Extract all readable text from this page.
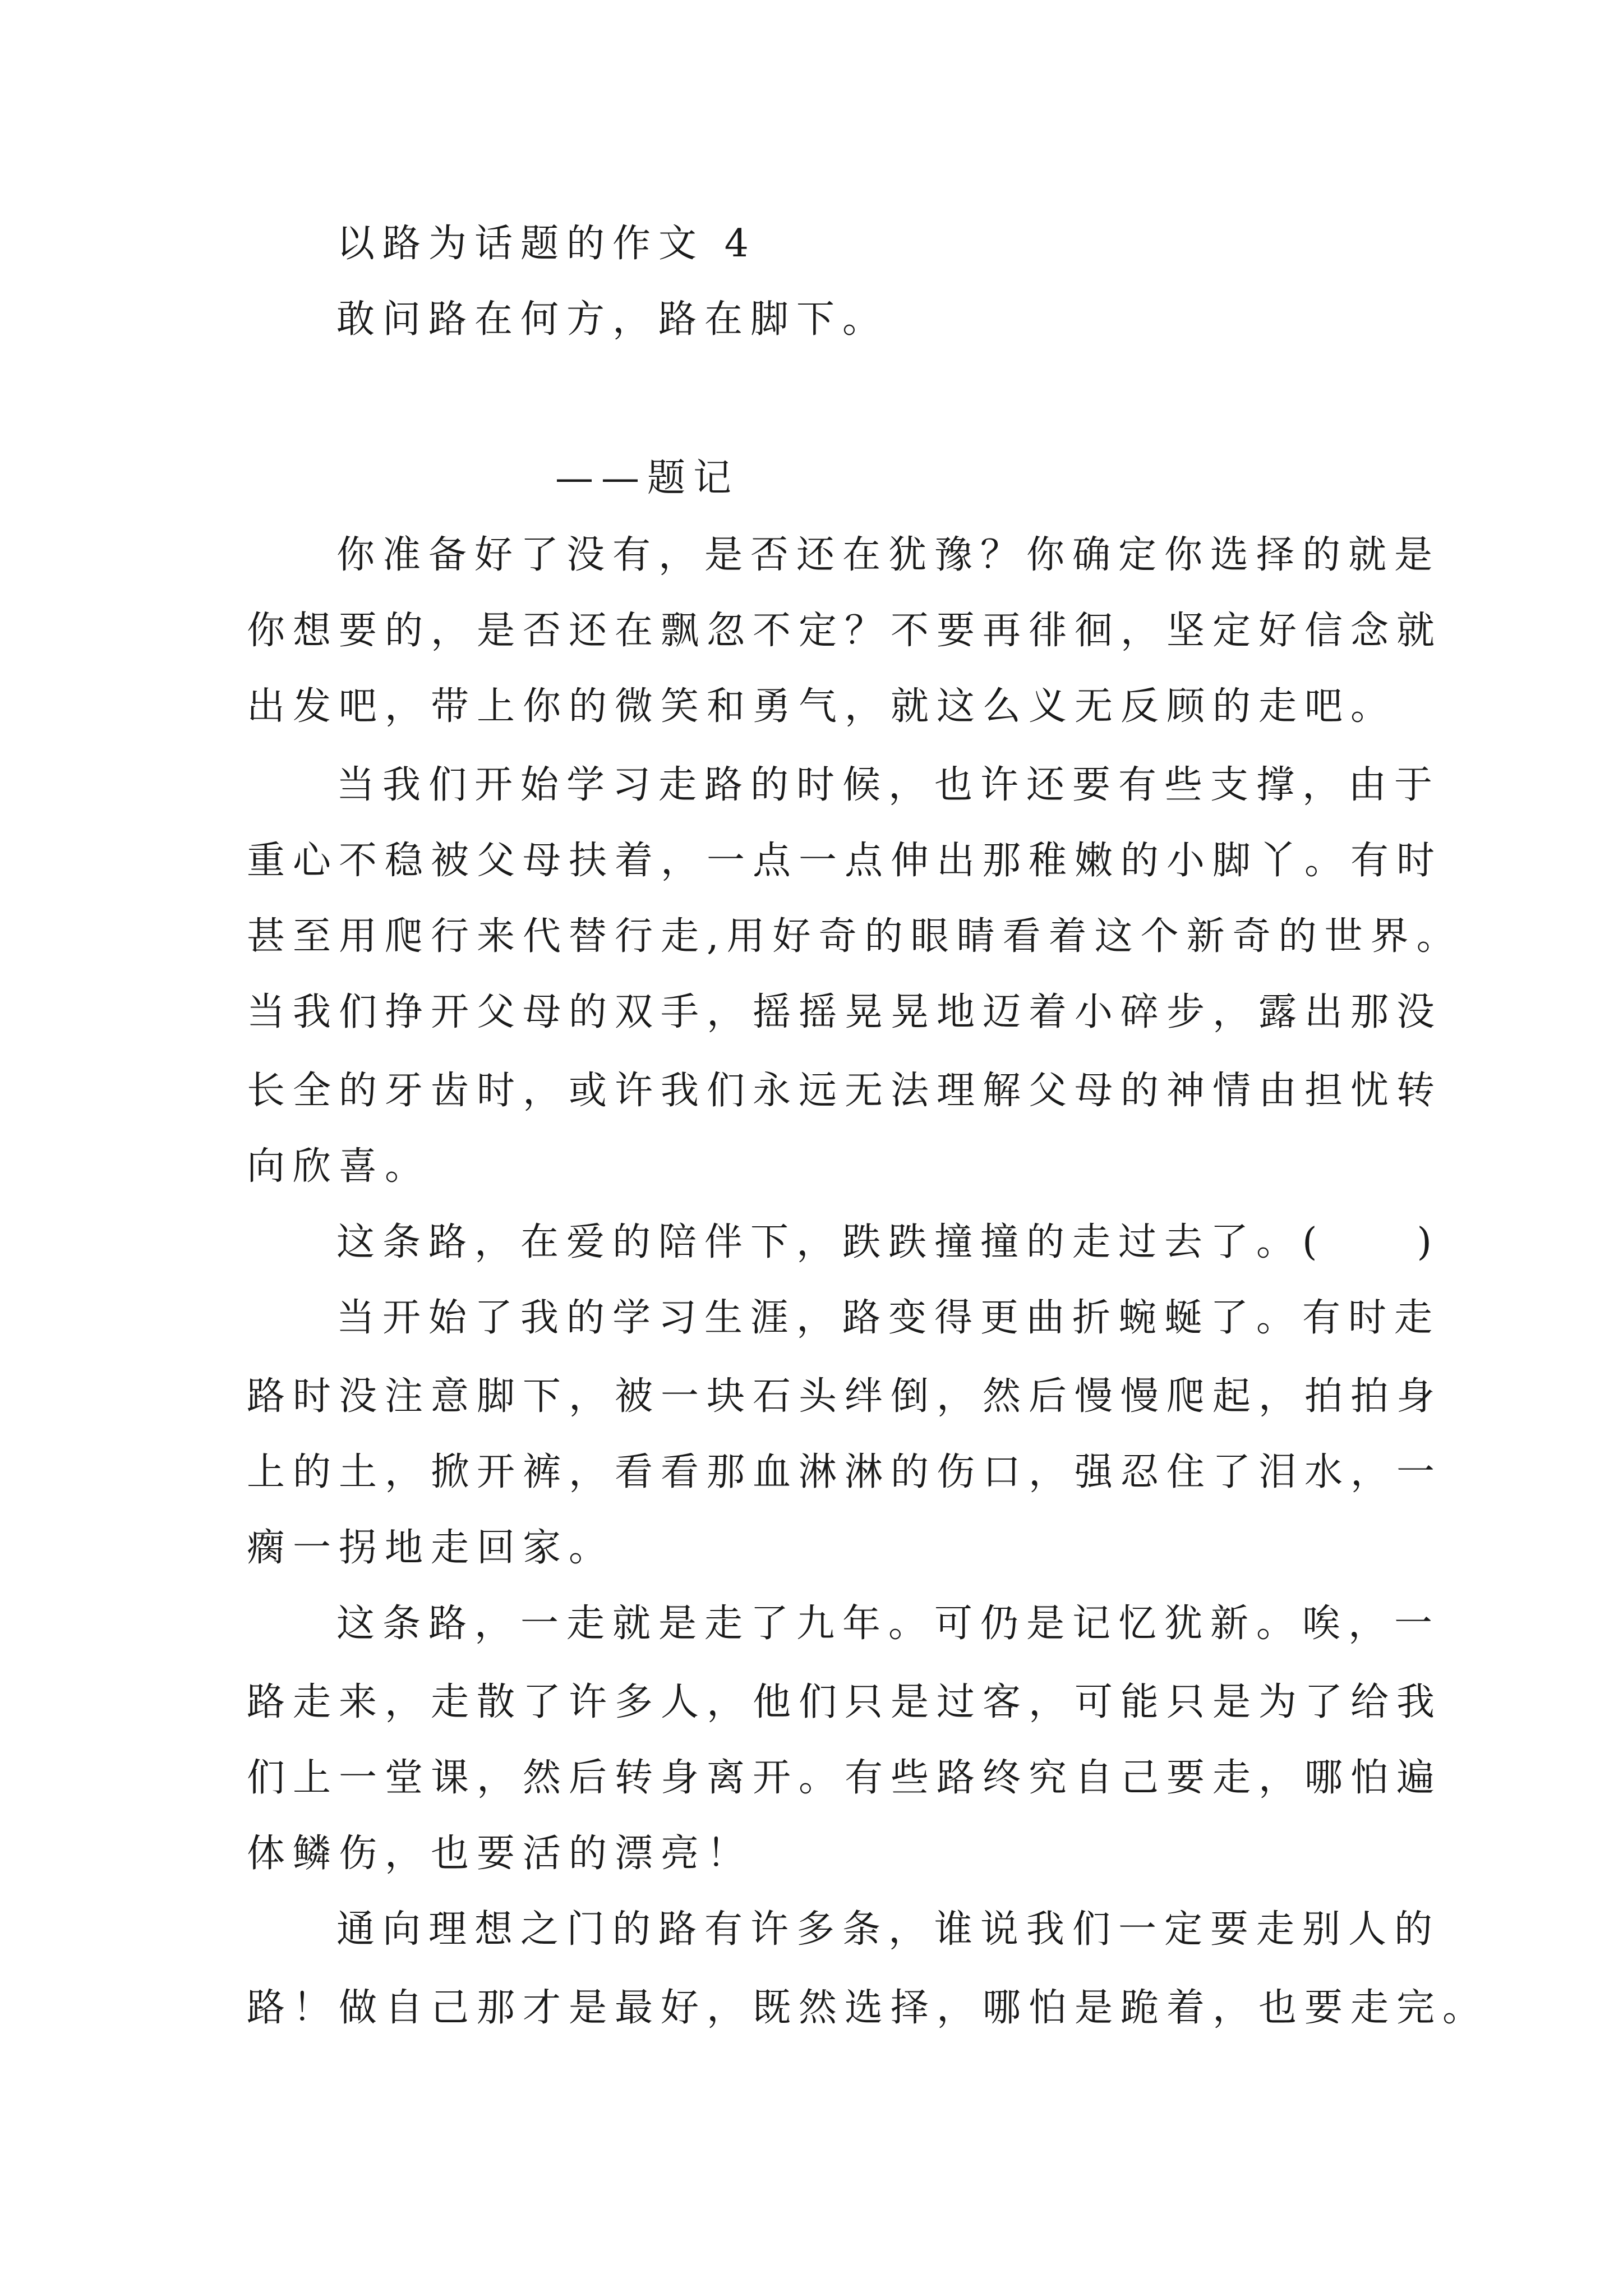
以路为话题的作文 4
敢问路在何方，路在脚下。
——题记
你准备好了没有，是否还在犹豫？你确定你选择的就是
你想要的，是否还在飘忽不定？不要再徘徊，坚定好信念就
出发吧，带上你的微笑和勇气，就这么义无反顾的走吧。
当我们开始学习走路的时候，也许还要有些支撑，由于
重心不稳被父母扶着，一点一点伸出那稚嫩的小脚丫。有时
甚至用爬行来代替行走,用好奇的眼睛看着这个新奇的世界。
当我们挣开父母的双手，摇摇晃晃地迈着小碎步，露出那没
长全的牙齿时，或许我们永远无法理解父母的神情由担忧转
向欣喜。
这条路，在爱的陪伴下，跌跌撞撞的走过去了。(　　)
当开始了我的学习生涯，路变得更曲折蜿蜒了。有时走
路时没注意脚下，被一块石头绊倒，然后慢慢爬起，拍拍身
上的土，掀开裤，看看那血淋淋的伤口，强忍住了泪水，一
瘸一拐地走回家。
这条路，一走就是走了九年。可仍是记忆犹新。唉，一
路走来，走散了许多人，他们只是过客，可能只是为了给我
们上一堂课，然后转身离开。有些路终究自己要走，哪怕遍
体鳞伤，也要活的漂亮！
通向理想之门的路有许多条，谁说我们一定要走别人的
路！做自己那才是最好，既然选择，哪怕是跪着，也要走完。
